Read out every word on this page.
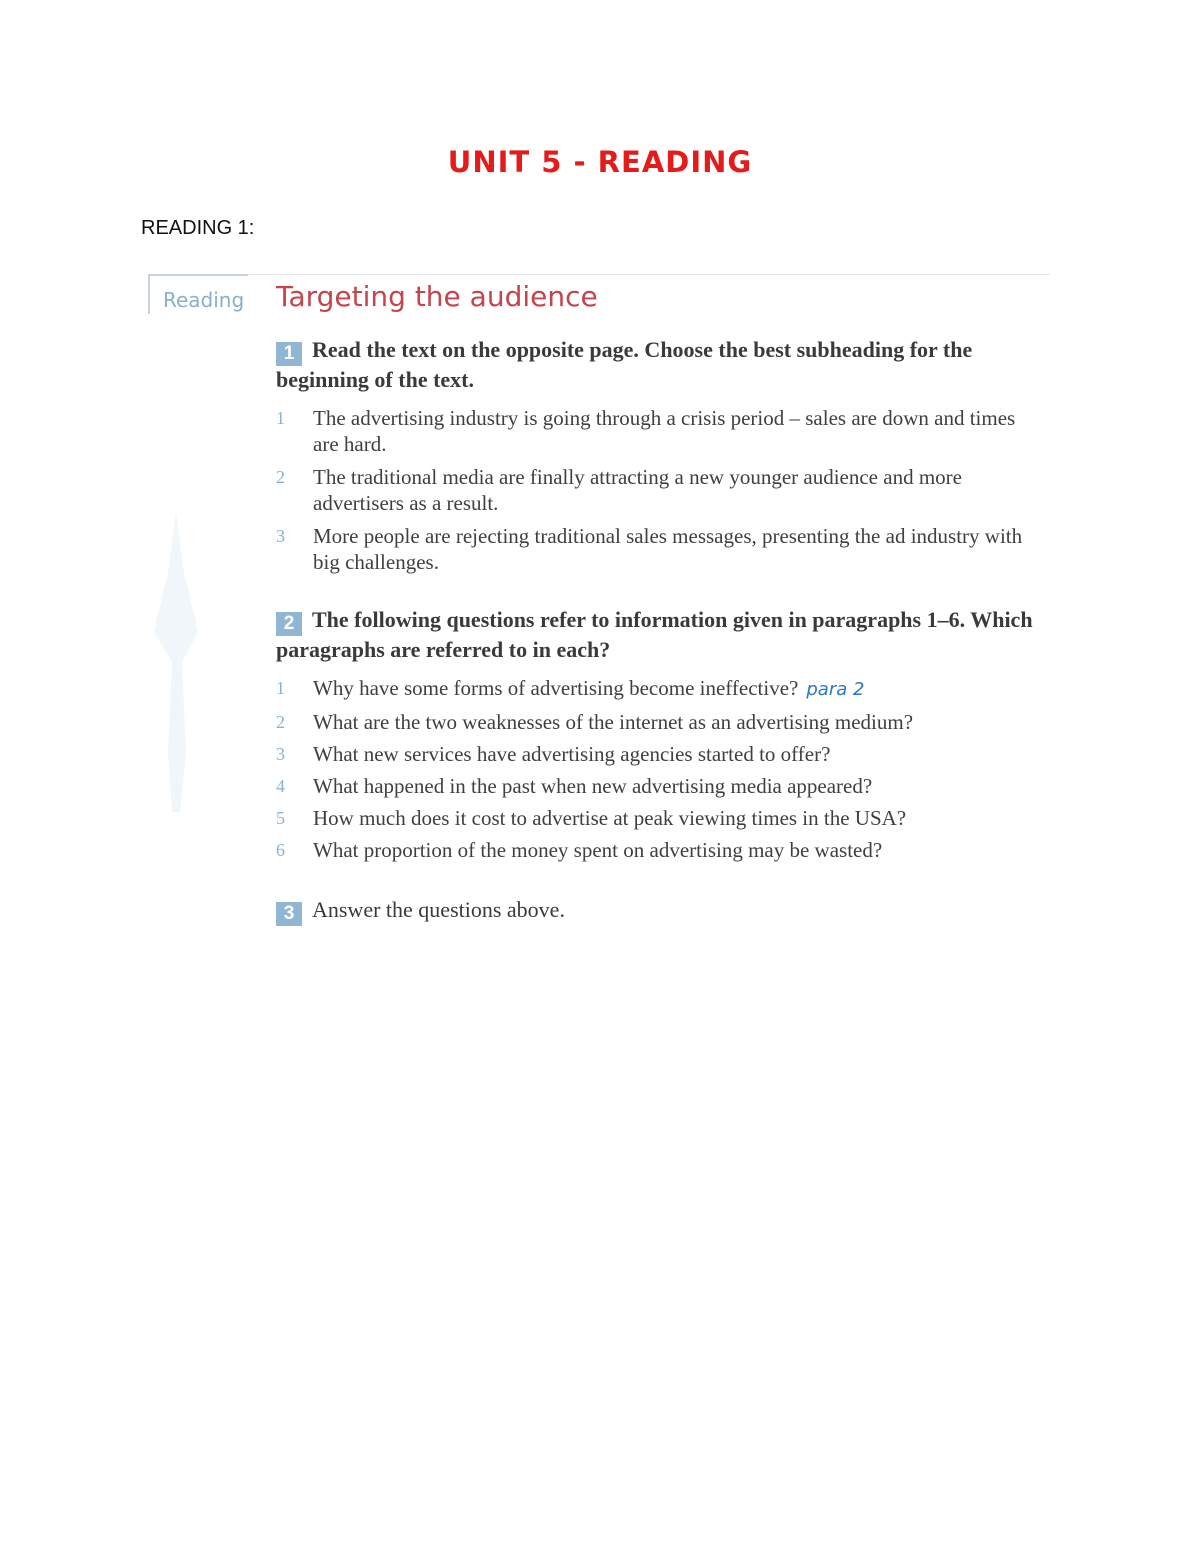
UNIT 5 - READING
READING 1:
Reading Targeting the audience

1 Read the text on the opposite page. Choose the best subheading for the beginning of the text.

1 The advertising industry is going through a crisis period – sales are down and times are hard.
2 The traditional media are finally attracting a new younger audience and more advertisers as a result.
3 More people are rejecting traditional sales messages, presenting the ad industry with big challenges.

2 The following questions refer to information given in paragraphs 1–6. Which paragraphs are referred to in each?

1 Why have some forms of advertising become ineffective? para 2
2 What are the two weaknesses of the internet as an advertising medium?
3 What new services have advertising agencies started to offer?
4 What happened in the past when new advertising media appeared?
5 How much does it cost to advertise at peak viewing times in the USA?
6 What proportion of the money spent on advertising may be wasted?

3 Answer the questions above.
